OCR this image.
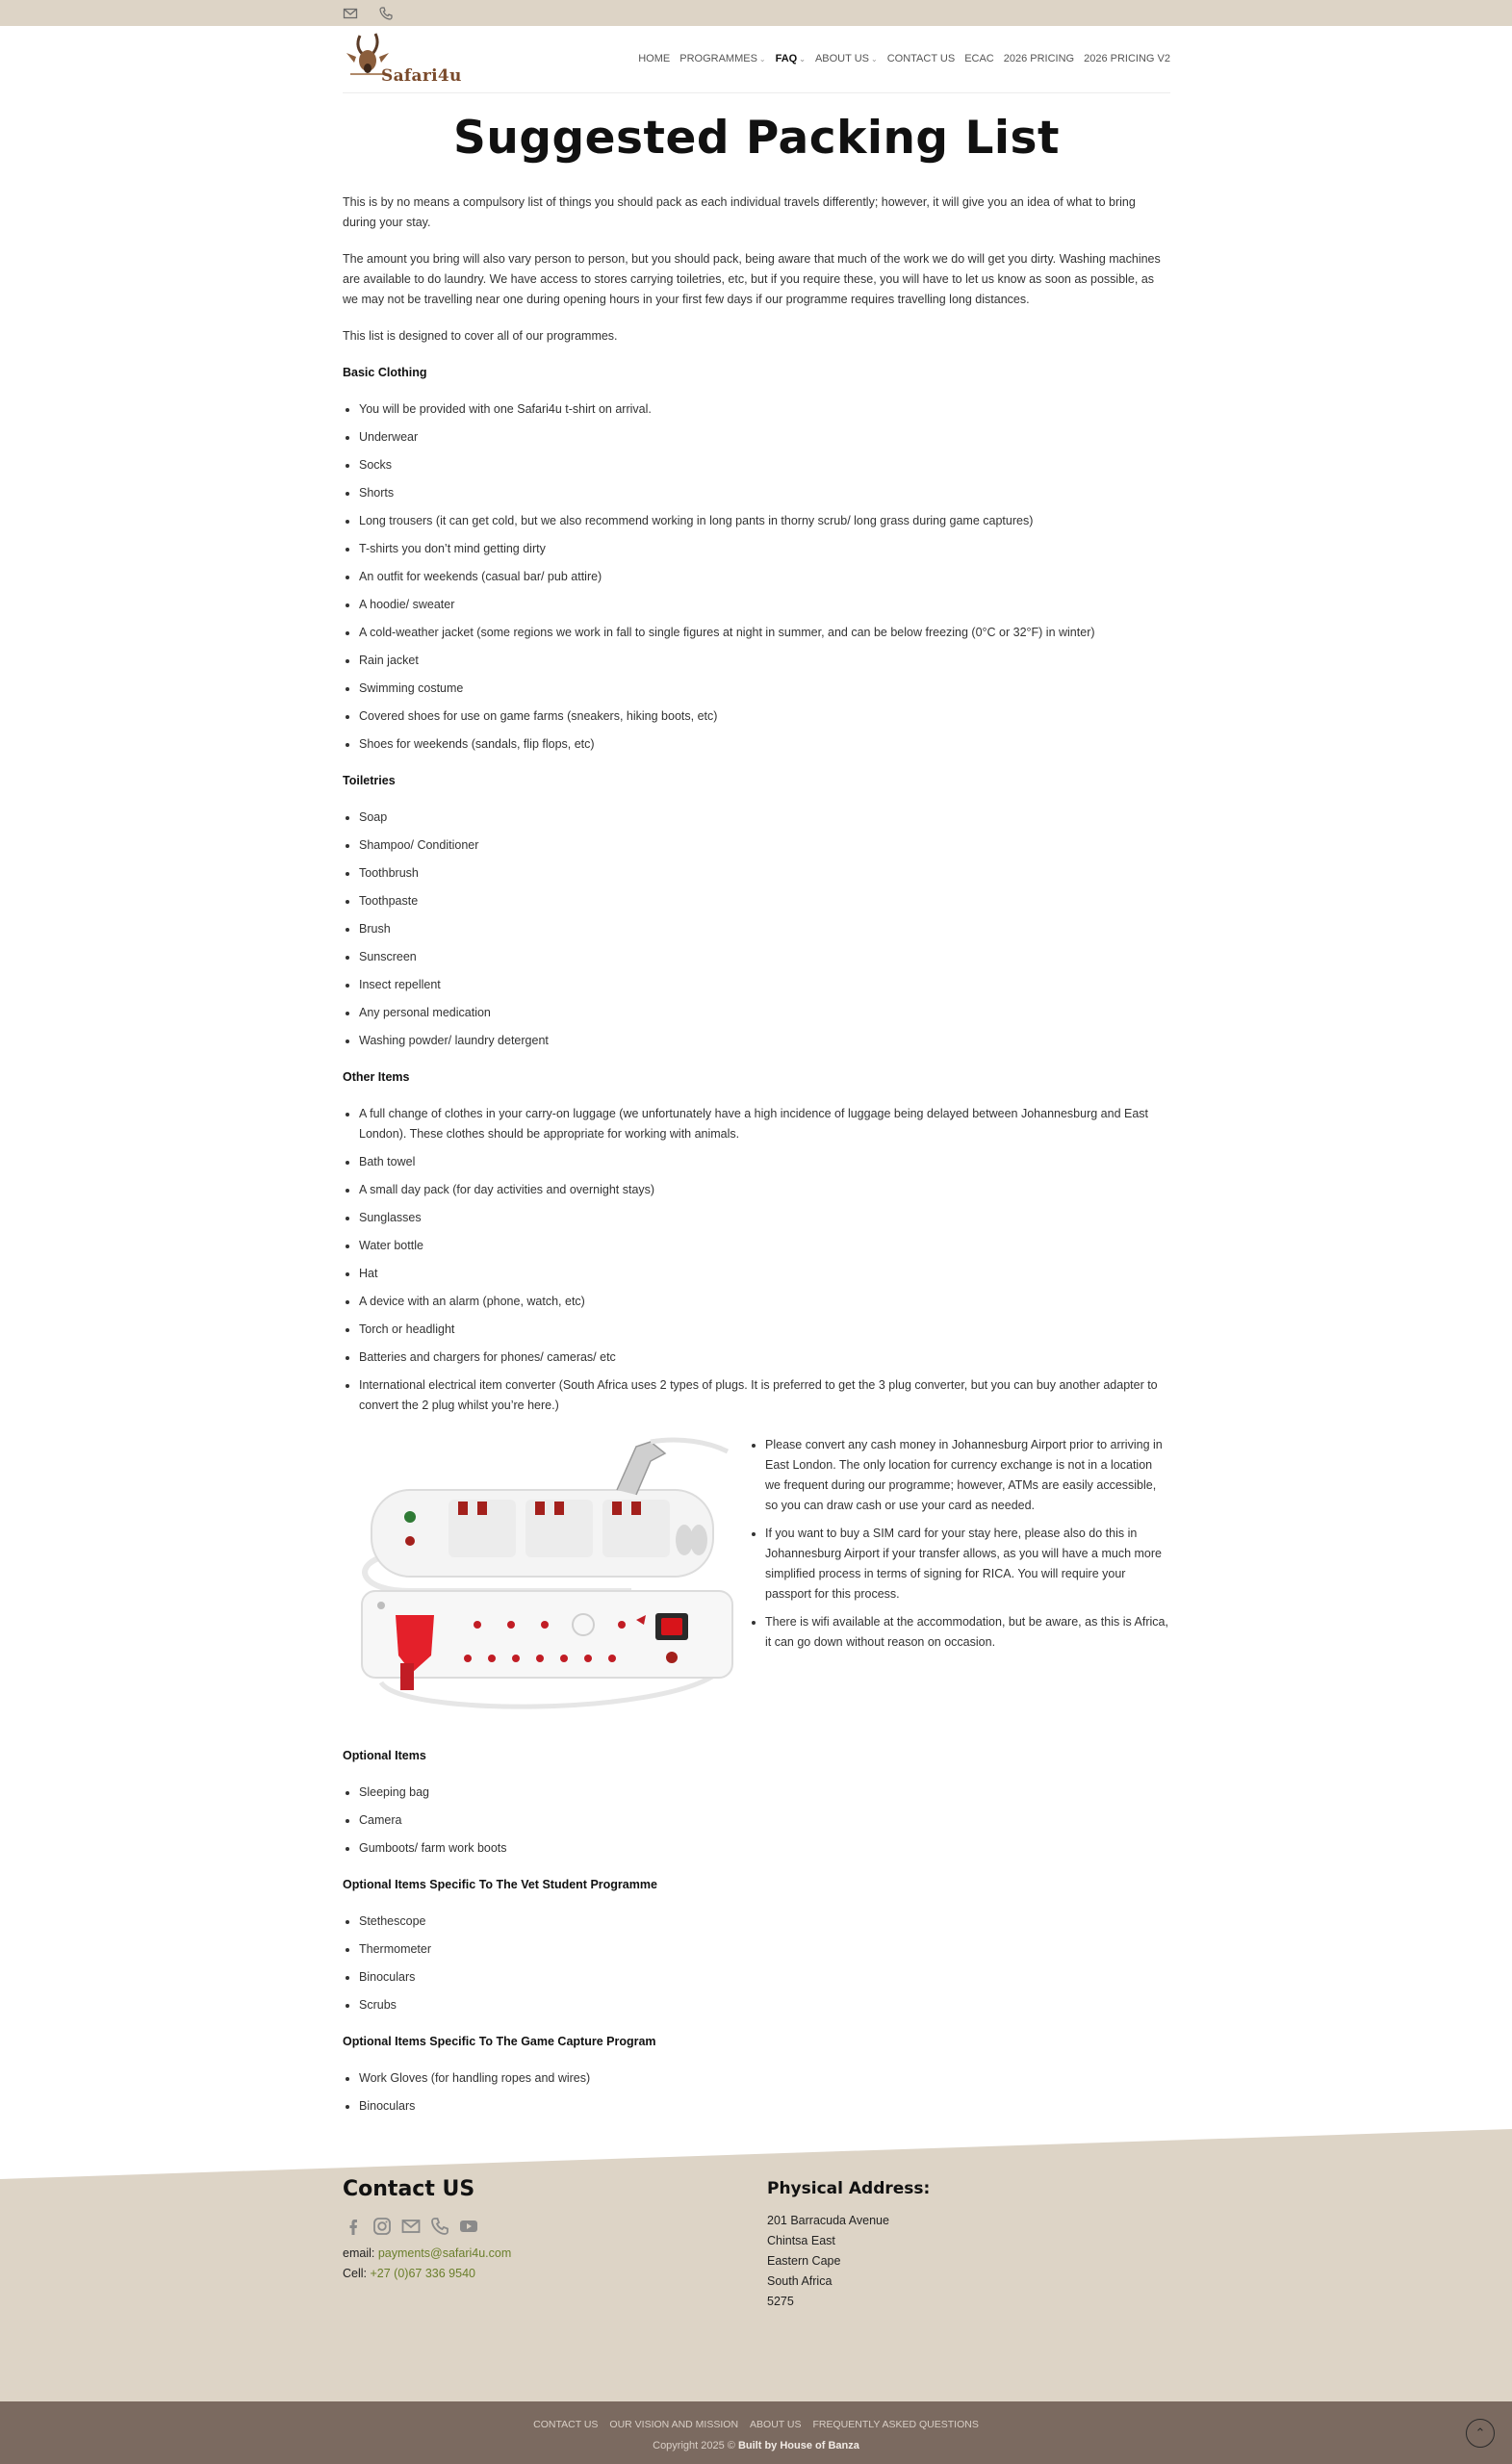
Safari4u
HOME PROGRAMMES ⌄ FAQ ⌄ ABOUT US ⌄ CONTACT US ECAC 2026 PRICING 2026 PRICING V2
Suggested Packing List

This is by no means a compulsory list of things you should pack as each individual travels differently; however, it will give you an idea of what to bring during your stay.

The amount you bring will also vary person to person, but you should pack, being aware that much of the work we do will get you dirty. Washing machines are available to do laundry. We have access to stores carrying toiletries, etc, but if you require these, you will have to let us know as soon as possible, as we may not be travelling near one during opening hours in your first few days if our programme requires travelling long distances.

This list is designed to cover all of our programmes.

Basic Clothing
• You will be provided with one Safari4u t-shirt on arrival.
• Underwear
• Socks
• Shorts
• Long trousers (it can get cold, but we also recommend working in long pants in thorny scrub/ long grass during game captures)
• T-shirts you don’t mind getting dirty
• An outfit for weekends (casual bar/ pub attire)
• A hoodie/ sweater
• A cold-weather jacket (some regions we work in fall to single figures at night in summer, and can be below freezing (0°C or 32°F) in winter)
• Rain jacket
• Swimming costume
• Covered shoes for use on game farms (sneakers, hiking boots, etc)
• Shoes for weekends (sandals, flip flops, etc)
Toiletries
• Soap
• Shampoo/ Conditioner
• Toothbrush
• Toothpaste
• Brush
• Sunscreen
• Insect repellent
• Any personal medication
• Washing powder/ laundry detergent
Other Items
• A full change of clothes in your carry-on luggage (we unfortunately have a high incidence of luggage being delayed between Johannesburg and East London). These clothes should be appropriate for working with animals.
• Bath towel
• A small day pack (for day activities and overnight stays)
• Sunglasses
• Water bottle
• Hat
• A device with an alarm (phone, watch, etc)
• Torch or headlight
• Batteries and chargers for phones/ cameras/ etc
• International electrical item converter (South Africa uses 2 types of plugs. It is preferred to get the 3 plug converter, but you can buy another adapter to convert the 2 plug whilst you’re here.)
• Please convert any cash money in Johannesburg Airport prior to arriving in East London. The only location for currency exchange is not in a location we frequent during our programme; however, ATMs are easily accessible, so you can draw cash or use your card as needed.
• If you want to buy a SIM card for your stay here, please also do this in Johannesburg Airport if your transfer allows, as you will have a much more simplified process in terms of signing for RICA. You will require your passport for this process.
• There is wifi available at the accommodation, but be aware, as this is Africa, it can go down without reason on occasion.
Optional Items
• Sleeping bag
• Camera
• Gumboots/ farm work boots
Optional Items Specific To The Vet Student Programme
• Stethescope
• Thermometer
• Binoculars
• Scrubs
Optional Items Specific To The Game Capture Program
• Work Gloves (for handling ropes and wires)
• Binoculars
Contact US
email: payments@safari4u.com
Cell: +27 (0)67 336 9540
Physical Address:
201 Barracuda Avenue
Chintsa East
Eastern Cape
South Africa
5275
CONTACT US OUR VISION AND MISSION ABOUT US FREQUENTLY ASKED QUESTIONS
Copyright 2025 © Built by House of Banza
⌃
